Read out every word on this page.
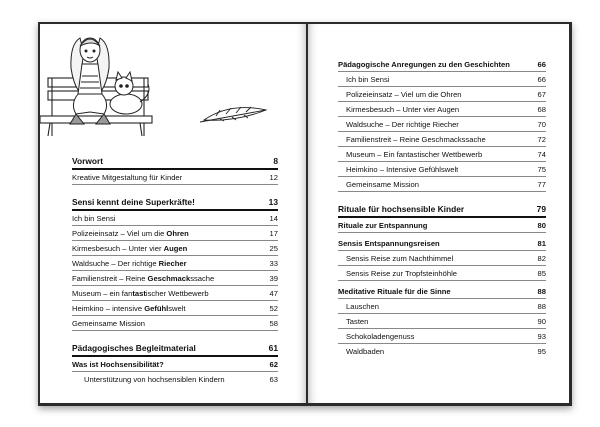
Vorwort	8
Kreative Mitgestaltung für Kinder	12
Sensi kennt deine Superkräfte!	13
Ich bin Sensi	14
Polizeieinsatz – Viel um die Ohren	17
Kirmesbesuch – Unter vier Augen	25
Waldsuche – Der richtige Riecher	33
Familienstreit – Reine Geschmackssache	39
Museum – ein fantastischer Wettbewerb	47
Heimkino – intensive Gefühlswelt	52
Gemeinsame Mission	58
Pädagogisches Begleitmaterial	61
Was ist Hochsensibilität?	62
Unterstützung von hochsensiblen Kindern	63
Pädagogische Anregungen zu den Geschichten	66
Ich bin Sensi	66
Polizeieinsatz – Viel um die Ohren	67
Kirmesbesuch – Unter vier Augen	68
Waldsuche – Der richtige Riecher	70
Familienstreit – Reine Geschmackssache	72
Museum – Ein fantastischer Wettbewerb	74
Heimkino – Intensive Gefühlswelt	75
Gemeinsame Mission	77
Rituale für hochsensible Kinder	79
Rituale zur Entspannung	80
Sensis Entspannungsreisen	81
Sensis Reise zum Nachthimmel	82
Sensis Reise zur Tropfsteinhöhle	85
Meditative Rituale für die Sinne	88
Lauschen	88
Tasten	90
Schokoladengenuss	93
Waldbaden	95
